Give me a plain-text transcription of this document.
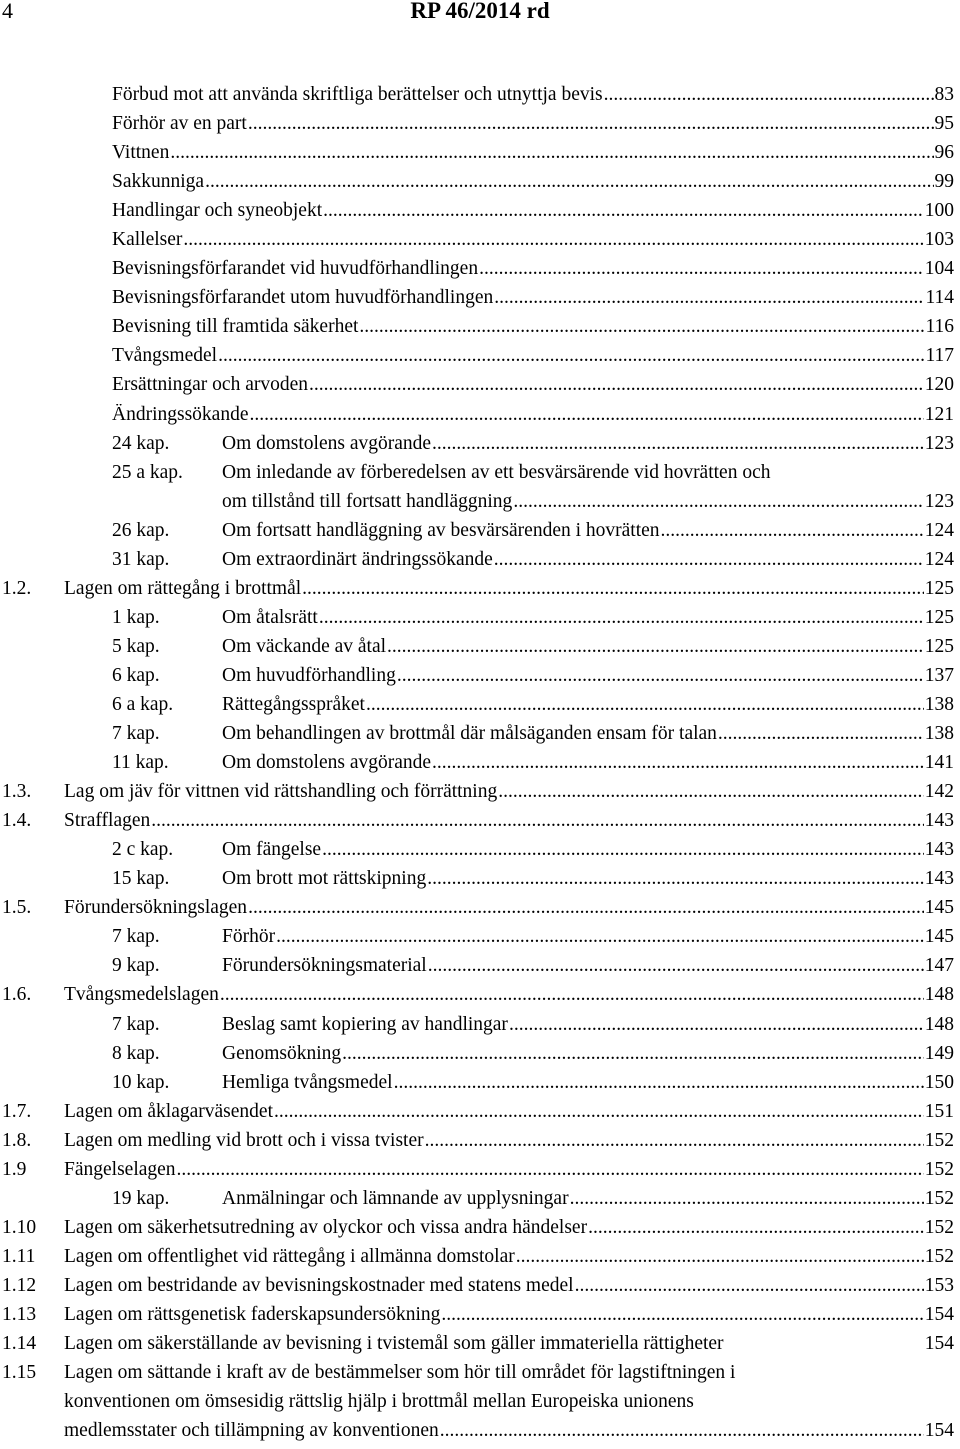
4	RP 46/2014 rd
Förbud mot att använda skriftliga berättelser och utnyttja bevis .....	83
Förhör av en part .....	95
Vittnen .....	96
Sakkunniga .....	99
Handlingar och syneobjekt .....	100
Kallelser .....	103
Bevisningsförfarandet vid huvudförhandlingen .....	104
Bevisningsförfarandet utom huvudförhandlingen .....	114
Bevisning till framtida säkerhet .....	116
Tvångsmedel .....	117
Ersättningar och arvoden .....	120
Ändringssökande .....	121
24 kap.	Om domstolens avgörande .....	123
25 a kap. Om inledande av förberedelsen av ett besvärsärende vid hovrätten och
om tillstånd till fortsatt handläggning .....	123
26 kap.	Om fortsatt handläggning av besvärsärenden i hovrätten .....	124
31 kap.	Om extraordinärt ändringssökande .....	124
1.2. Lagen om rättegång i brottmål .....	125
1 kap.	Om åtalsrätt .....	125
5 kap.	Om väckande av åtal .....	125
6 kap.	Om huvudförhandling .....	137
6 a kap.	Rättegångsspråket .....	138
7 kap.	Om behandlingen av brottmål där målsäganden ensam för talan .....	138
11 kap.	Om domstolens avgörande .....	141
1.3. Lag om jäv för vittnen vid rättshandling och förrättning .....	142
1.4. Strafflagen .....	143
2 c kap.	Om fängelse .....	143
15 kap.	Om brott mot rättskipning .....	143
1.5. Förundersökningslagen .....	145
7 kap.	Förhör .....	145
9 kap.	Förundersökningsmaterial .....	147
1.6. Tvångsmedelslagen .....	148
7 kap.	Beslag samt kopiering av handlingar .....	148
8 kap.	Genomsökning .....	149
10 kap.	Hemliga tvångsmedel .....	150
1.7. Lagen om åklagarväsendet .....	151
1.8. Lagen om medling vid brott och i vissa tvister .....	152
1.9 Fängelselagen .....	152
19 kap.	Anmälningar och lämnande av upplysningar .....	152
1.10 Lagen om säkerhetsutredning av olyckor och vissa andra händelser .....	152
1.11 Lagen om offentlighet vid rättegång i allmänna domstolar .....	152
1.12 Lagen om bestridande av bevisningskostnader med statens medel .....	153
1.13 Lagen om rättsgenetisk faderskapsundersökning .....	154
1.14 Lagen om säkerställande av bevisning i tvistemål som gäller immateriella rättigheter	154
1.15 Lagen om sättande i kraft av de bestämmelser som hör till området för lagstiftningen i
konventionen om ömsesidig rättslig hjälp i brottmål mellan Europeiska unionens
medlemsstater och tillämpning av konventionen .....	154
